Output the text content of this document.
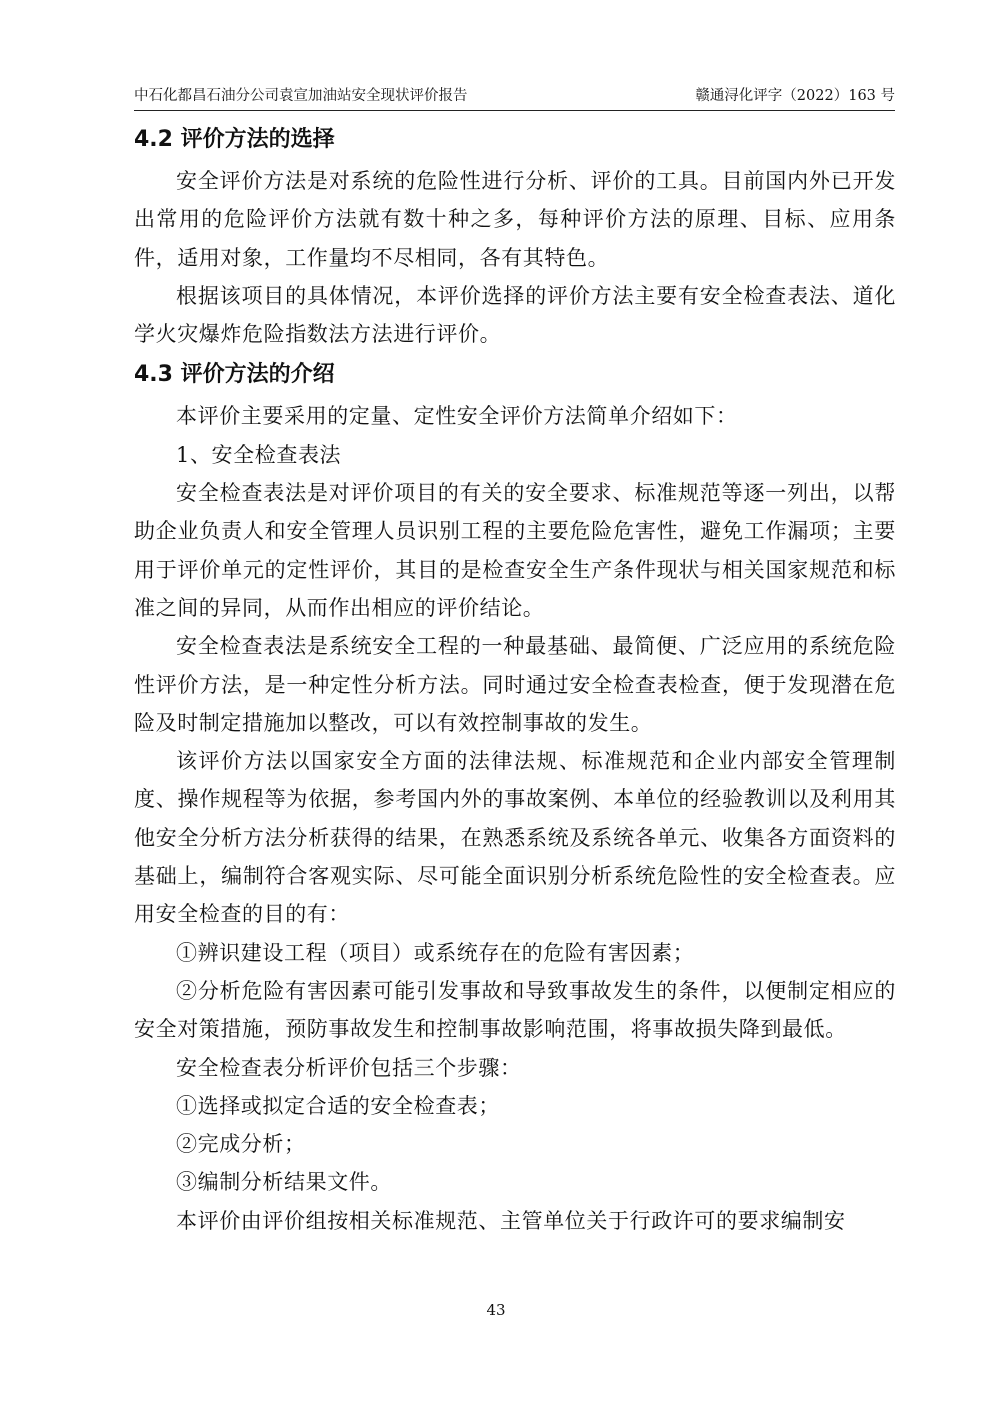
中石化都昌石油分公司袁宣加油站安全现状评价报告	赣通浔化评字（2022）163 号
4.2 评价方法的选择

安全评价方法是对系统的危险性进行分析、评价的工具。目前国内外已开发出常用的危险评价方法就有数十种之多，每种评价方法的原理、目标、应用条件，适用对象，工作量均不尽相同，各有其特色。

根据该项目的具体情况，本评价选择的评价方法主要有安全检查表法、道化学火灾爆炸危险指数法方法进行评价。

4.3 评价方法的介绍

本评价主要采用的定量、定性安全评价方法简单介绍如下：

1、安全检查表法

安全检查表法是对评价项目的有关的安全要求、标准规范等逐一列出，以帮助企业负责人和安全管理人员识别工程的主要危险危害性，避免工作漏项；主要用于评价单元的定性评价，其目的是检查安全生产条件现状与相关国家规范和标准之间的异同，从而作出相应的评价结论。

安全检查表法是系统安全工程的一种最基础、最简便、广泛应用的系统危险性评价方法，是一种定性分析方法。同时通过安全检查表检查，便于发现潜在危险及时制定措施加以整改，可以有效控制事故的发生。

该评价方法以国家安全方面的法律法规、标准规范和企业内部安全管理制度、操作规程等为依据，参考国内外的事故案例、本单位的经验教训以及利用其他安全分析方法分析获得的结果，在熟悉系统及系统各单元、收集各方面资料的基础上，编制符合客观实际、尽可能全面识别分析系统危险性的安全检查表。应用安全检查的目的有：

①辨识建设工程（项目）或系统存在的危险有害因素；

②分析危险有害因素可能引发事故和导致事故发生的条件，以便制定相应的安全对策措施，预防事故发生和控制事故影响范围，将事故损失降到最低。

安全检查表分析评价包括三个步骤：

①选择或拟定合适的安全检查表；

②完成分析；

③编制分析结果文件。

本评价由评价组按相关标准规范、主管单位关于行政许可的要求编制安

43
